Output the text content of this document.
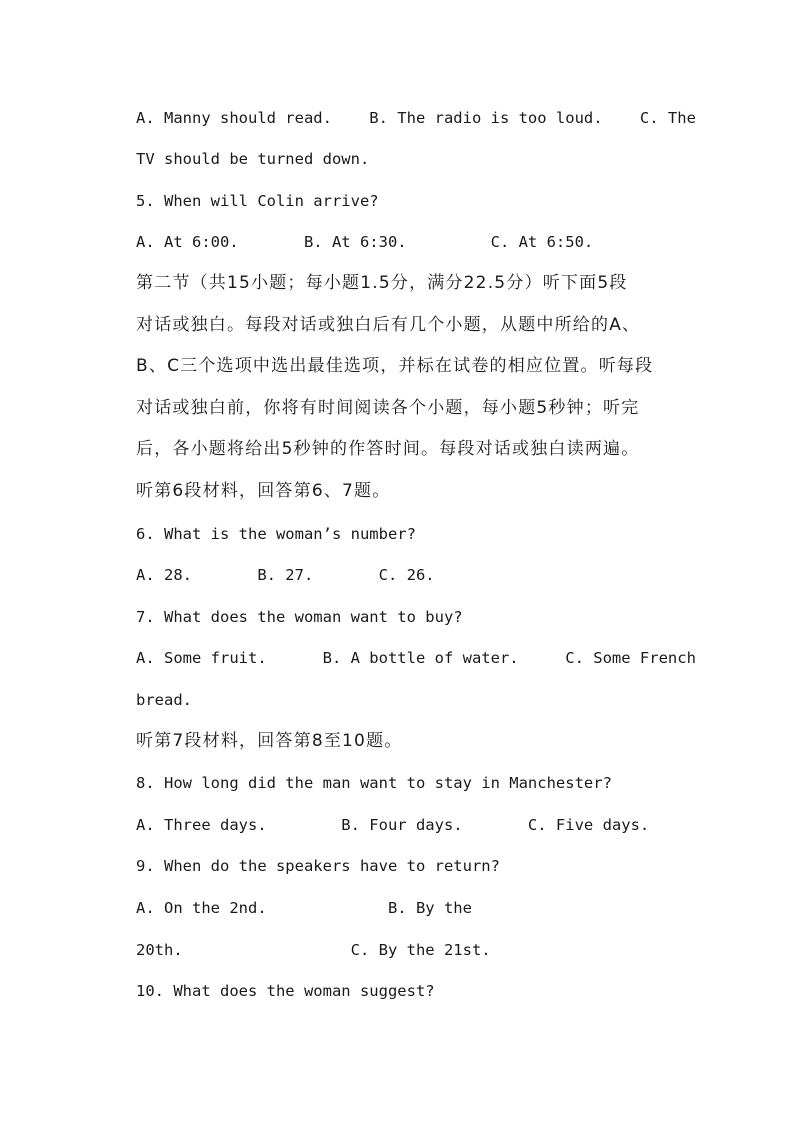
A. Manny should read.    B. The radio is too loud.    C. The
TV should be turned down.
5. When will Colin arrive?
A. At 6:00.       B. At 6:30.         C. At 6:50.
第二节（共15小题；每小题1.5分，满分22.5分）听下面5段
对话或独白。每段对话或独白后有几个小题，从题中所给的A、
B、C三个选项中选出最佳选项，并标在试卷的相应位置。听每段
对话或独白前，你将有时间阅读各个小题，每小题5秒钟；听完
后，各小题将给出5秒钟的作答时间。每段对话或独白读两遍。
听第6段材料，回答第6、7题。
6. What is the woman’s number?
A. 28.       B. 27.       C. 26.
7. What does the woman want to buy?
A. Some fruit.      B. A bottle of water.     C. Some French
bread.
听第7段材料，回答第8至10题。
8. How long did the man want to stay in Manchester?
A. Three days.        B. Four days.       C. Five days.
9. When do the speakers have to return?
A. On the 2nd.             B. By the
20th.                  C. By the 21st.
10. What does the woman suggest?
